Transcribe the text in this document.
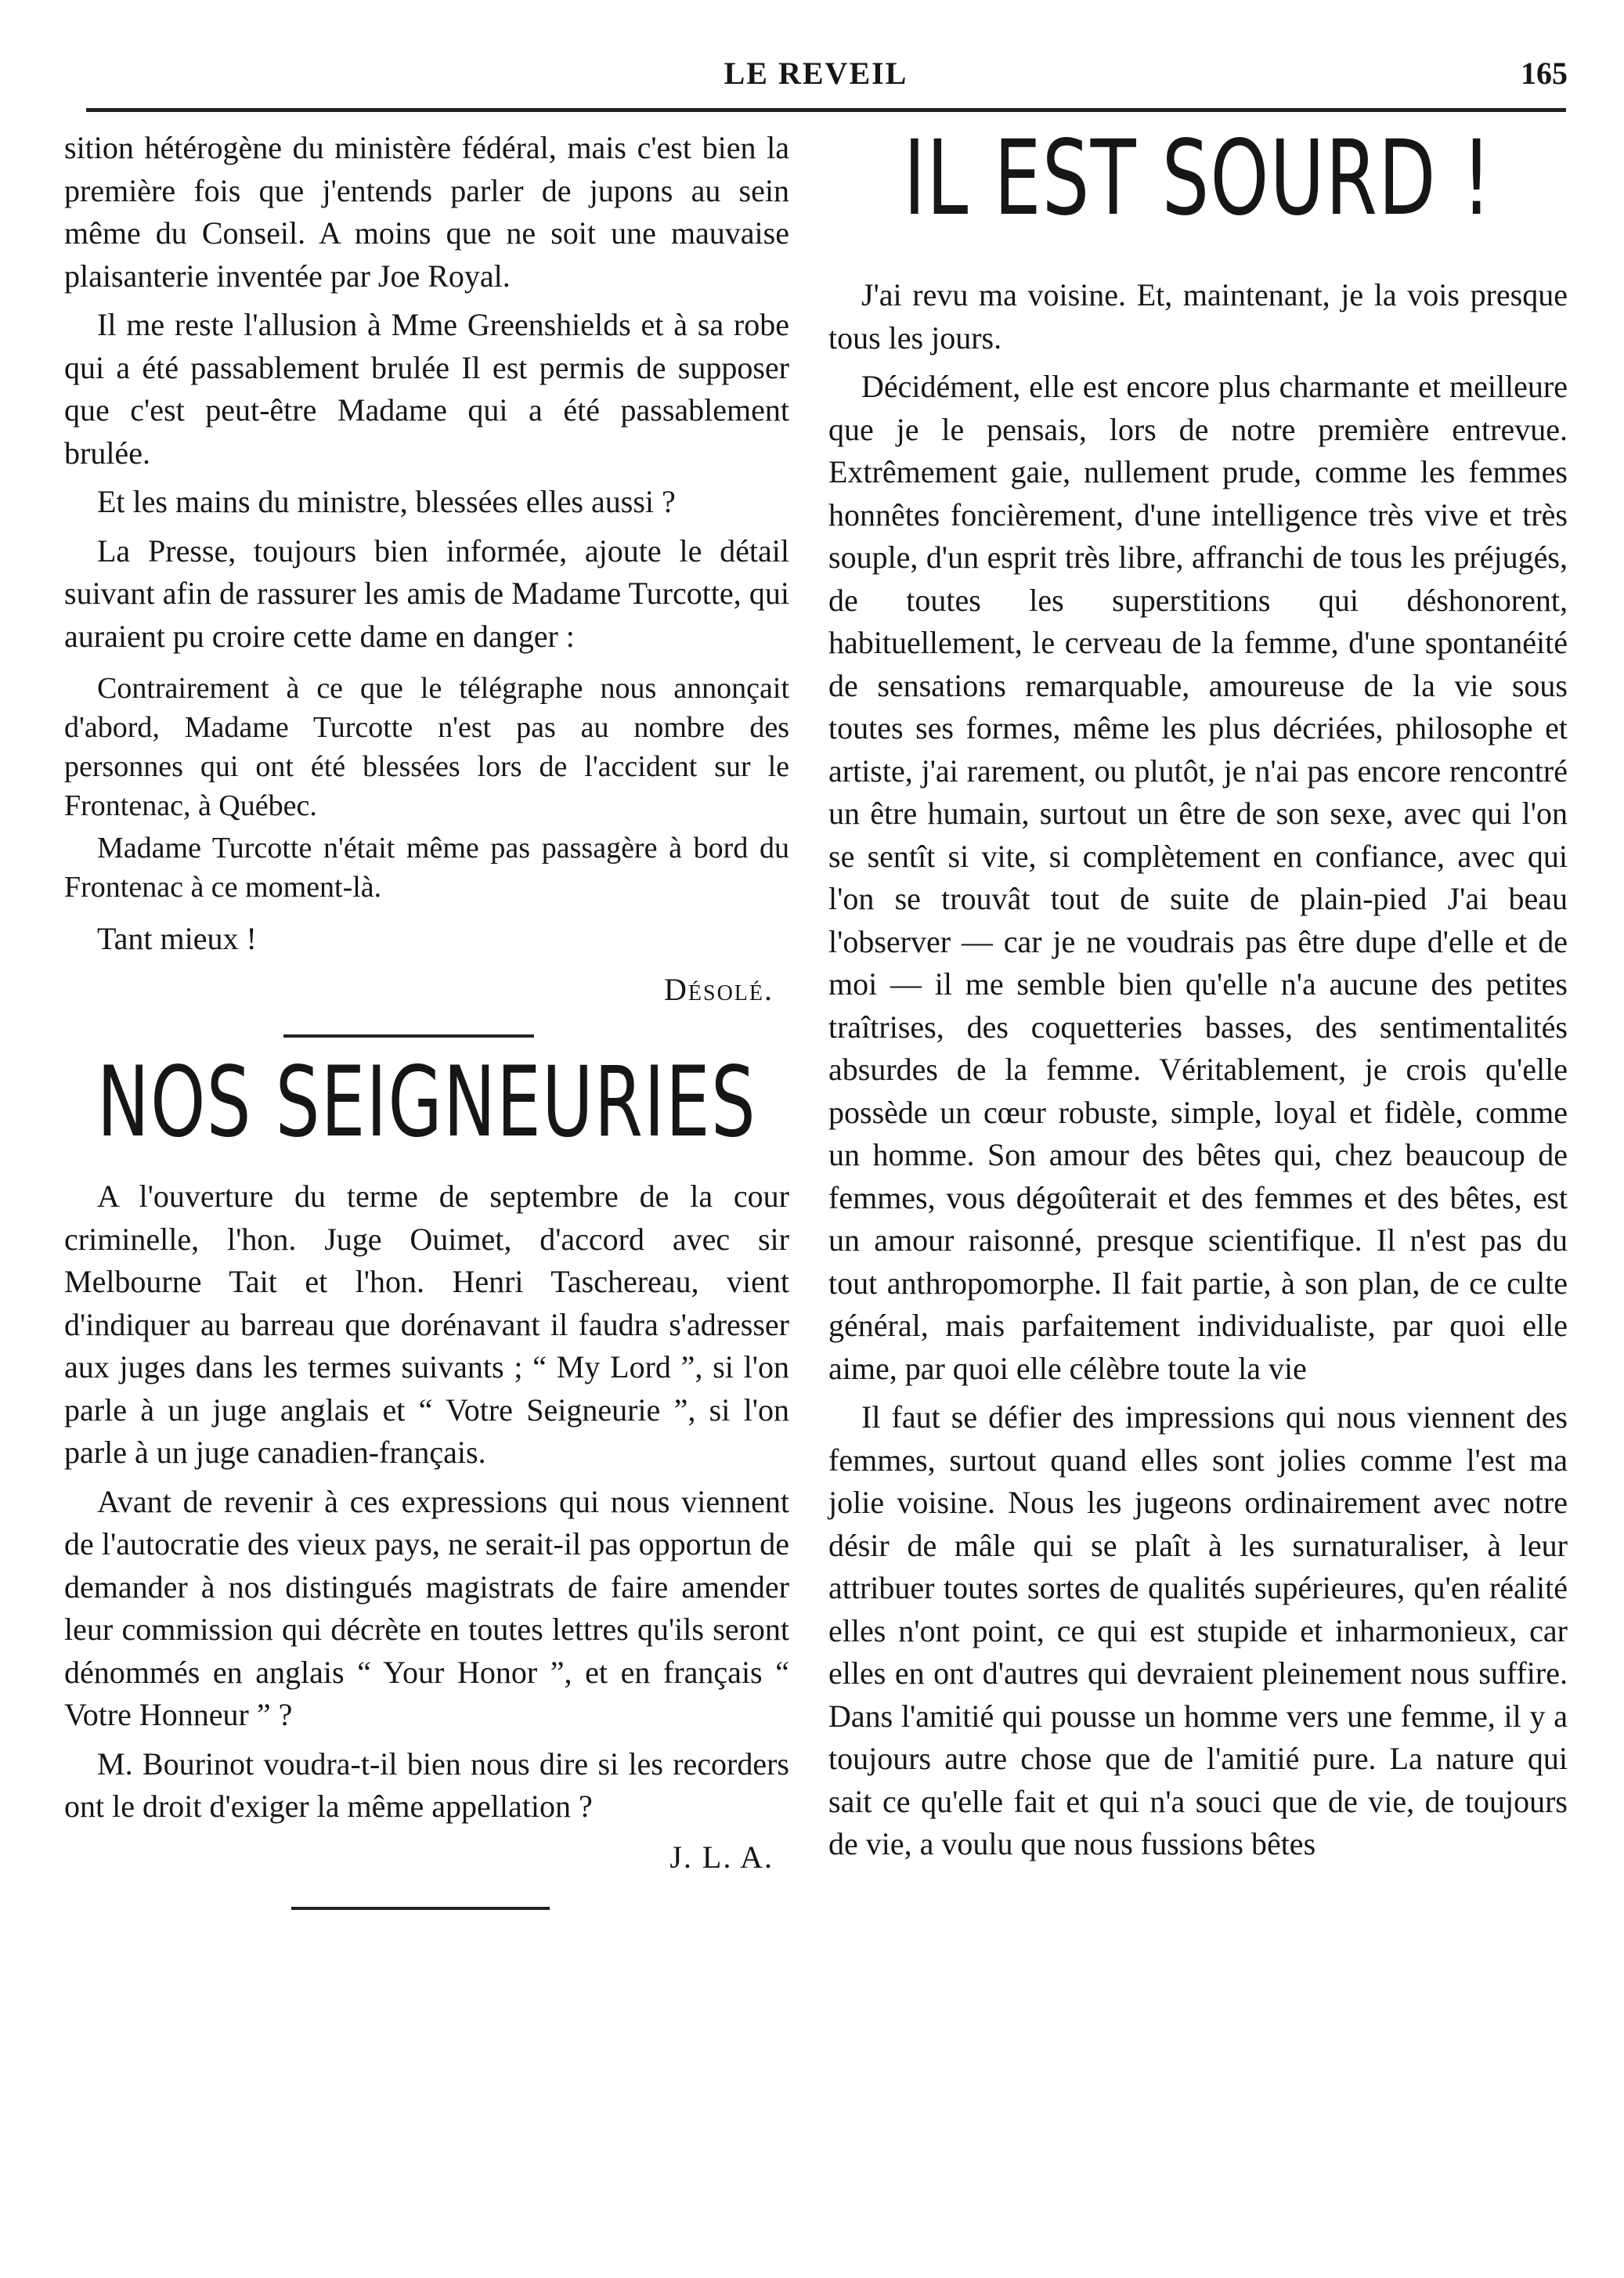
LE REVEIL	165

sition hétérogène du ministère fédéral, mais c'est bien la première fois que j'entends parler de jupons au sein même du Conseil. A moins que ne soit une mauvaise plaisanterie inventée par Joe Royal.

Il me reste l'allusion à Mme Greenshields et à sa robe qui a été passablement brulée Il est permis de supposer que c'est peut-être Madame qui a été passablement brulée.

Et les mains du ministre, blessées elles aussi ?

La Presse, toujours bien informée, ajoute le détail suivant afin de rassurer les amis de Madame Turcotte, qui auraient pu croire cette dame en danger :

Contrairement à ce que le télégraphe nous annonçait d'abord, Madame Turcotte n'est pas au nombre des personnes qui ont été blessées lors de l'accident sur le Frontenac, à Québec.

Madame Turcotte n'était même pas passagère à bord du Frontenac à ce moment-là.

Tant mieux !

Désolé.
NOS SEIGNEURIES

A l'ouverture du terme de septembre de la cour criminelle, l'hon. Juge Ouimet, d'accord avec sir Melbourne Tait et l'hon. Henri Taschereau, vient d'indiquer au barreau que dorénavant il faudra s'adresser aux juges dans les termes suivants ; “ My Lord ”, si l'on parle à un juge anglais et “ Votre Seigneurie ”, si l'on parle à un juge canadien-français.

Avant de revenir à ces expressions qui nous viennent de l'autocratie des vieux pays, ne serait-il pas opportun de demander à nos distingués magistrats de faire amender leur commission qui décrète en toutes lettres qu'ils seront dénommés en anglais “ Your Honor ”, et en français “ Votre Honneur ” ?

M. Bourinot voudra-t-il bien nous dire si les recorders ont le droit d'exiger la même appellation ?

J. L. A.
IL EST SOURD !

J'ai revu ma voisine. Et, maintenant, je la vois presque tous les jours.

Décidément, elle est encore plus charmante et meilleure que je le pensais, lors de notre première entrevue. Extrêmement gaie, nullement prude, comme les femmes honnêtes foncièrement, d'une intelligence très vive et très souple, d'un esprit très libre, affranchi de tous les préjugés, de toutes les superstitions qui déshonorent, habituellement, le cerveau de la femme, d'une spontanéité de sensations remarquable, amoureuse de la vie sous toutes ses formes, même les plus décriées, philosophe et artiste, j'ai rarement, ou plutôt, je n'ai pas encore rencontré un être humain, surtout un être de son sexe, avec qui l'on se sentît si vite, si complètement en confiance, avec qui l'on se trouvât tout de suite de plain-pied J'ai beau l'observer — car je ne voudrais pas être dupe d'elle et de moi — il me semble bien qu'elle n'a aucune des petites traîtrises, des coquetteries basses, des sentimentalités absurdes de la femme. Véritablement, je crois qu'elle possède un cœur robuste, simple, loyal et fidèle, comme un homme. Son amour des bêtes qui, chez beaucoup de femmes, vous dégoûterait et des femmes et des bêtes, est un amour raisonné, presque scientifique. Il n'est pas du tout anthropomorphe. Il fait partie, à son plan, de ce culte général, mais parfaitement individualiste, par quoi elle aime, par quoi elle célèbre toute la vie

Il faut se défier des impressions qui nous viennent des femmes, surtout quand elles sont jolies comme l'est ma jolie voisine. Nous les jugeons ordinairement avec notre désir de mâle qui se plaît à les surnaturaliser, à leur attribuer toutes sortes de qualités supérieures, qu'en réalité elles n'ont point, ce qui est stupide et inharmonieux, car elles en ont d'autres qui devraient pleinement nous suffire. Dans l'amitié qui pousse un homme vers une femme, il y a toujours autre chose que de l'amitié pure. La nature qui sait ce qu'elle fait et qui n'a souci que de vie, de toujours de vie, a voulu que nous fussions bêtes
